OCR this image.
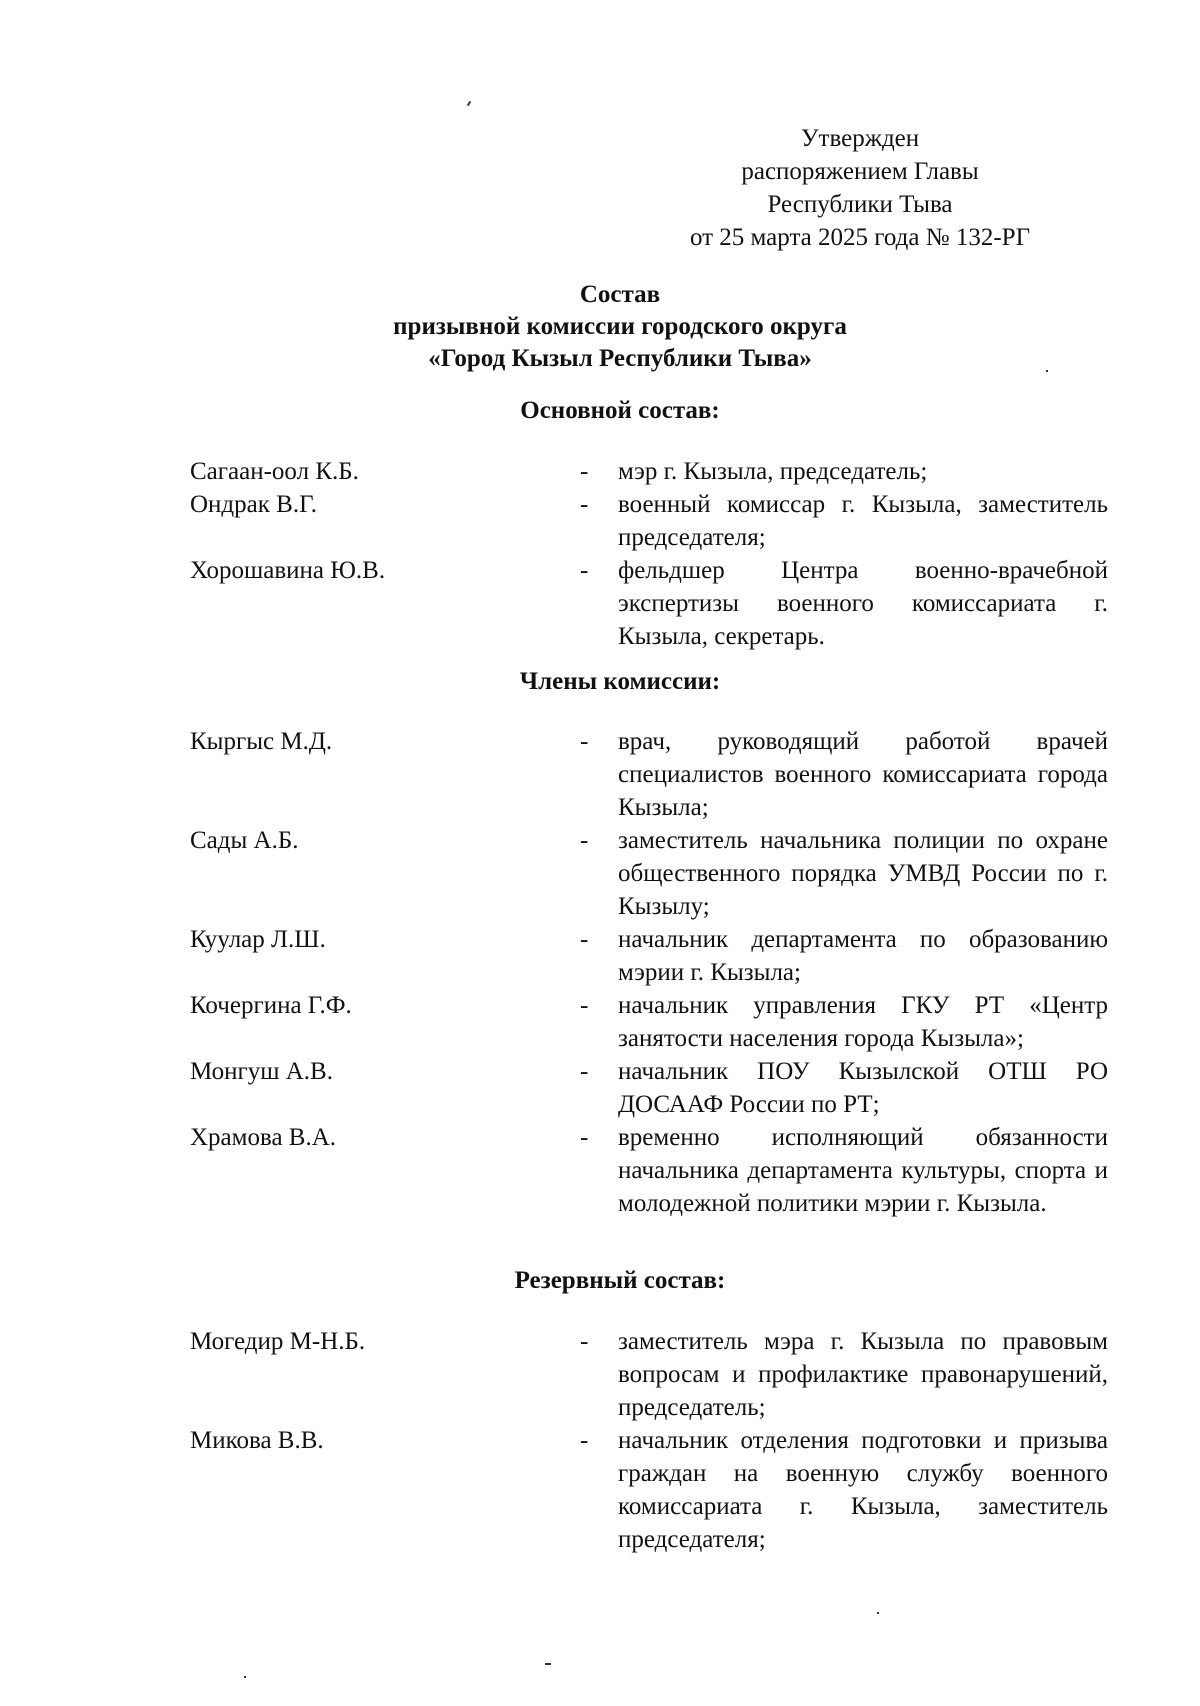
Утвержден
распоряжением Главы
Республики Тыва
от 25 марта 2025 года № 132-РГ
Состав
призывной комиссии городского округа
«Город Кызыл Республики Тыва»
Основной состав:
Сагаан-оол К.Б.	- мэр г. Кызыла, председатель;
Ондрак В.Г.	- военный комиссар г. Кызыла, заместитель председателя;
Хорошавина Ю.В.	- фельдшер Центра военно-врачебной экспертизы военного комиссариата г. Кызыла, секретарь.
Члены комиссии:
Кыргыс М.Д.	- врач, руководящий работой врачей специалистов военного комиссариата города Кызыла;
Сады А.Б.	- заместитель начальника полиции по охране общественного порядка УМВД России по г. Кызылу;
Куулар Л.Ш.	- начальник департамента по образованию мэрии г. Кызыла;
Кочергина Г.Ф.	- начальник управления ГКУ РТ «Центр занятости населения города Кызыла»;
Монгуш А.В.	- начальник ПОУ Кызылской ОТШ РО ДОСААФ России по РТ;
Храмова В.А.	- временно исполняющий обязанности начальника департамента культуры, спорта и молодежной политики мэрии г. Кызыла.
Резервный состав:
Могедир М-Н.Б.	- заместитель мэра г. Кызыла по правовым вопросам и профилактике правонарушений, председатель;
Микова В.В.	- начальник отделения подготовки и призыва граждан на военную службу военного комиссариата г. Кызыла, заместитель председателя;
